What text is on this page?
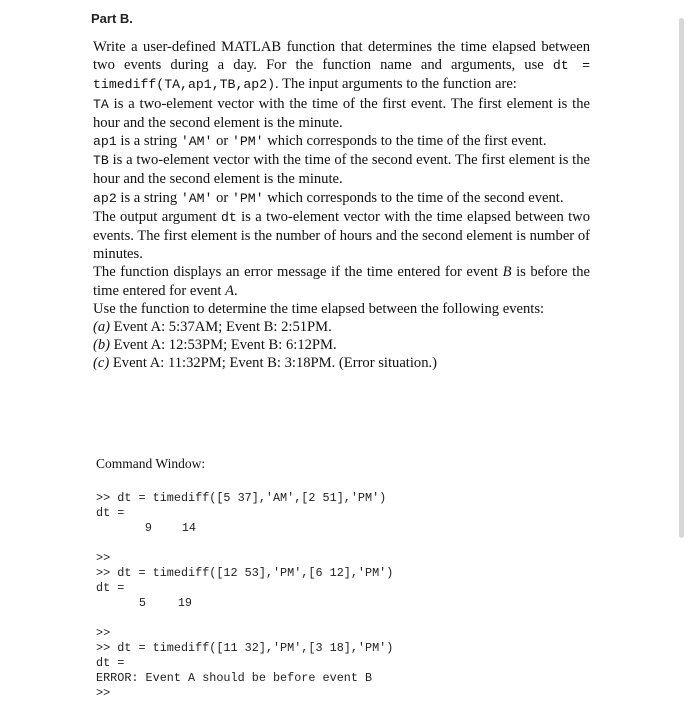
Part B.

Write a user-defined MATLAB function that determines the time elapsed between two events during a day. For the function name and arguments, use dt = timediff(TA,ap1,TB,ap2). The input arguments to the function are:

TA is a two-element vector with the time of the first event. The first element is the hour and the second element is the minute.

ap1 is a string 'AM' or 'PM' which corresponds to the time of the first event.

TB is a two-element vector with the time of the second event. The first element is the hour and the second element is the minute.

ap2 is a string 'AM' or 'PM' which corresponds to the time of the second event.

The output argument dt is a two-element vector with the time elapsed between two events. The first element is the number of hours and the second element is number of minutes.

The function displays an error message if the time entered for event B is before the time entered for event A.

Use the function to determine the time elapsed between the following events:

(a) Event A: 5:37AM; Event B: 2:51PM.

(b) Event A: 12:53PM; Event B: 6:12PM.

(c) Event A: 11:32PM; Event B: 3:18PM. (Error situation.)

Command Window:
>> dt = timediff([5 37],'AM',[2 51],'PM')
dt =
9	14
>>
>> dt = timediff([12 53],'PM',[6 12],'PM')
dt =
5	19
>>
>> dt = timediff([11 32],'PM',[3 18],'PM')
dt =
ERROR: Event A should be before event B
>>
